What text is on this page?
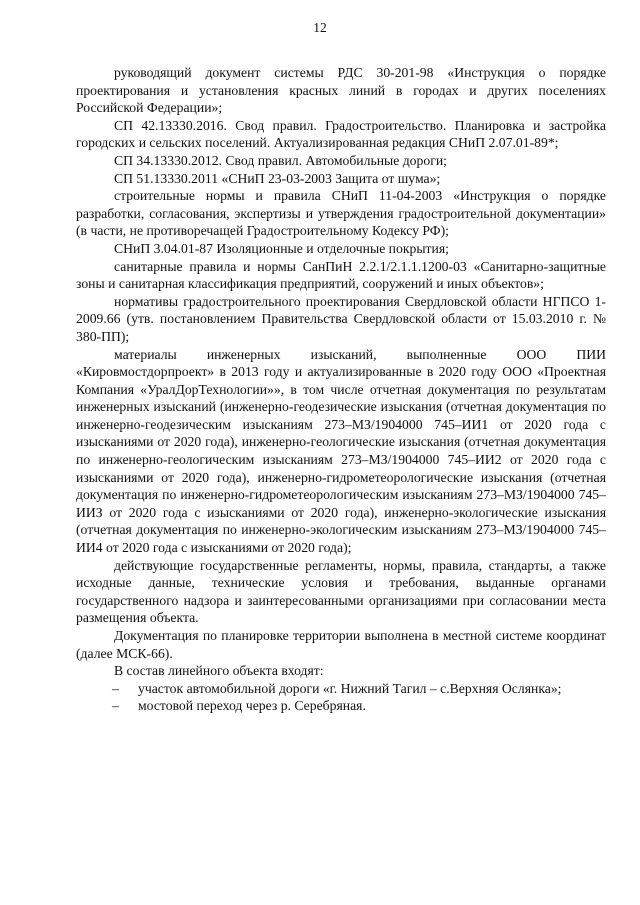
12

руководящий документ системы РДС 30-201-98 «Инструкция о порядке проектирования и установления красных линий в городах и других поселениях Российской Федерации»;

СП 42.13330.2016. Свод правил. Градостроительство. Планировка и застройка городских и сельских поселений. Актуализированная редакция СНиП 2.07.01-89*;

СП 34.13330.2012. Свод правил. Автомобильные дороги;

СП 51.13330.2011 «СНиП 23-03-2003 Защита от шума»;

строительные нормы и правила СНиП 11-04-2003 «Инструкция о порядке разработки, согласования, экспертизы и утверждения градостроительной документации» (в части, не противоречащей Градостроительному Кодексу РФ);

СНиП 3.04.01-87 Изоляционные и отделочные покрытия;

санитарные правила и нормы СанПиН 2.2.1/2.1.1.1200-03 «Санитарно-защитные зоны и санитарная классификация предприятий, сооружений и иных объектов»;

нормативы градостроительного проектирования Свердловской области НГПСО 1-2009.66 (утв. постановлением Правительства Свердловской области от 15.03.2010 г. № 380-ПП);

материалы инженерных изысканий, выполненные ООО ПИИ «Кировмостдорпроект» в 2013 году и актуализированные в 2020 году ООО «Проектная Компания «УралДорТехнологии»», в том числе отчетная документация по результатам инженерных изысканий (инженерно-геодезические изыскания (отчетная документация по инженерно-геодезическим изысканиям 273–МЗ/1904000 745–ИИ1 от 2020 года с изысканиями от 2020 года), инженерно-геологические изыскания (отчетная документация по инженерно-геологическим изысканиям 273–МЗ/1904000 745–ИИ2 от 2020 года с изысканиями от 2020 года), инженерно-гидрометеорологические изыскания (отчетная документация по инженерно-гидрометеорологическим изысканиям 273–МЗ/1904000 745–ИИЗ от 2020 года с изысканиями от 2020 года), инженерно-экологические изыскания (отчетная документация по инженерно-экологическим изысканиям 273–МЗ/1904000 745–ИИ4 от 2020 года с изысканиями от 2020 года);

действующие государственные регламенты, нормы, правила, стандарты, а также исходные данные, технические условия и требования, выданные органами государственного надзора и заинтересованными организациями при согласовании места размещения объекта.

Документация по планировке территории выполнена в местной системе координат (далее МСК-66).

В состав линейного объекта входят:

– участок автомобильной дороги «г. Нижний Тагил – с.Верхняя Ослянка»;

– мостовой переход через р. Серебряная.
